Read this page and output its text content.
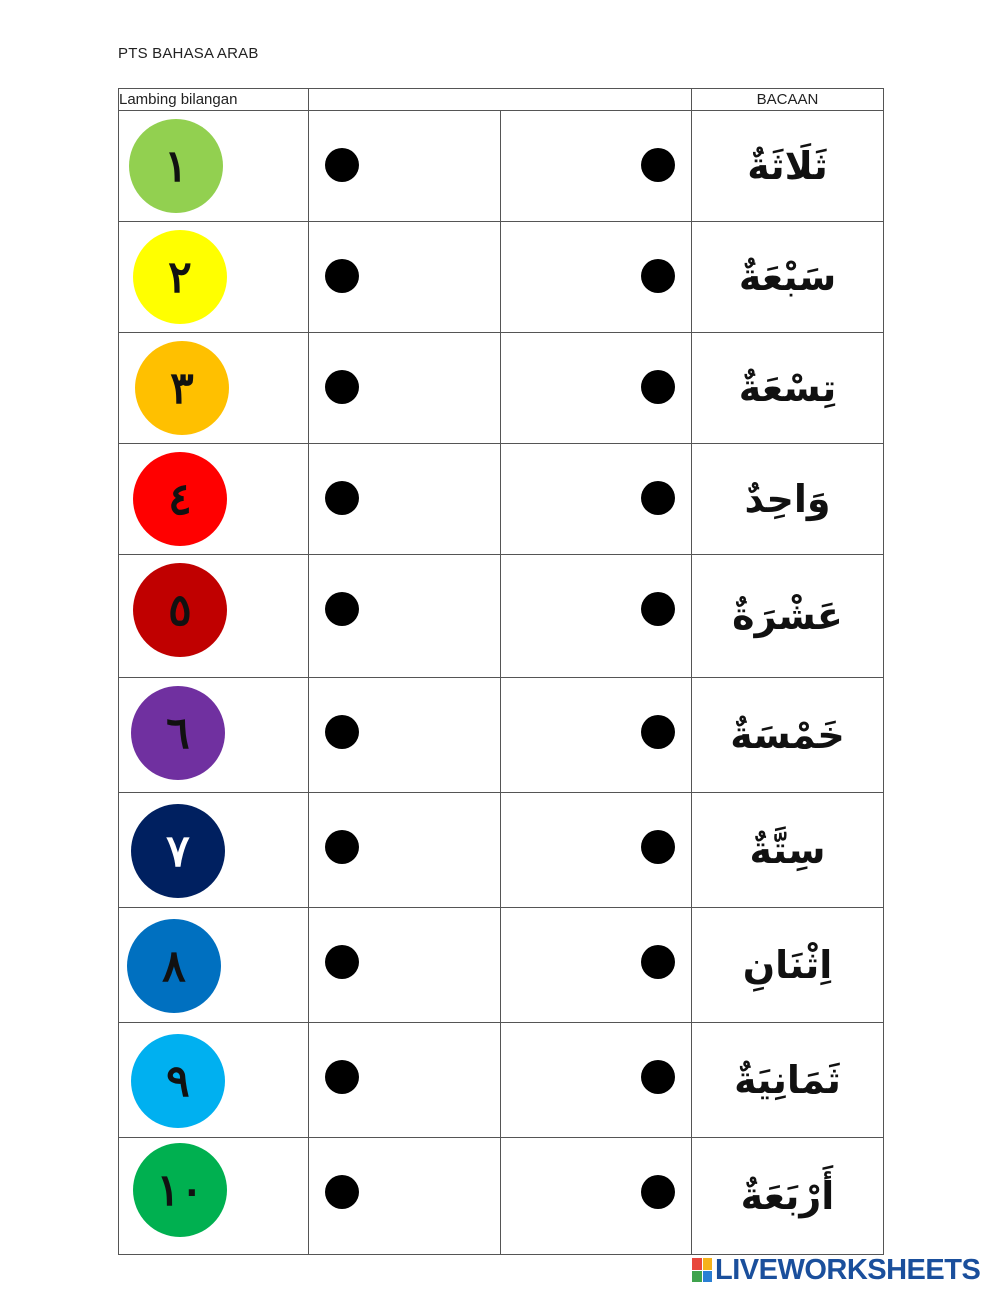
PTS BAHASA ARAB
Lambing bilangan			BACAAN

١			ثَلَاثَةٌ

٢			سَبْعَةٌ

٣			تِسْعَةٌ

٤			وَاحِدٌ

٥			عَشْرَةٌ

٦			خَمْسَةٌ

٧			سِتَّةٌ

٨			اِثْنَانِ

٩			ثَمَانِيَةٌ

١٠			أَرْبَعَةٌ
LIVEWORKSHEETS
